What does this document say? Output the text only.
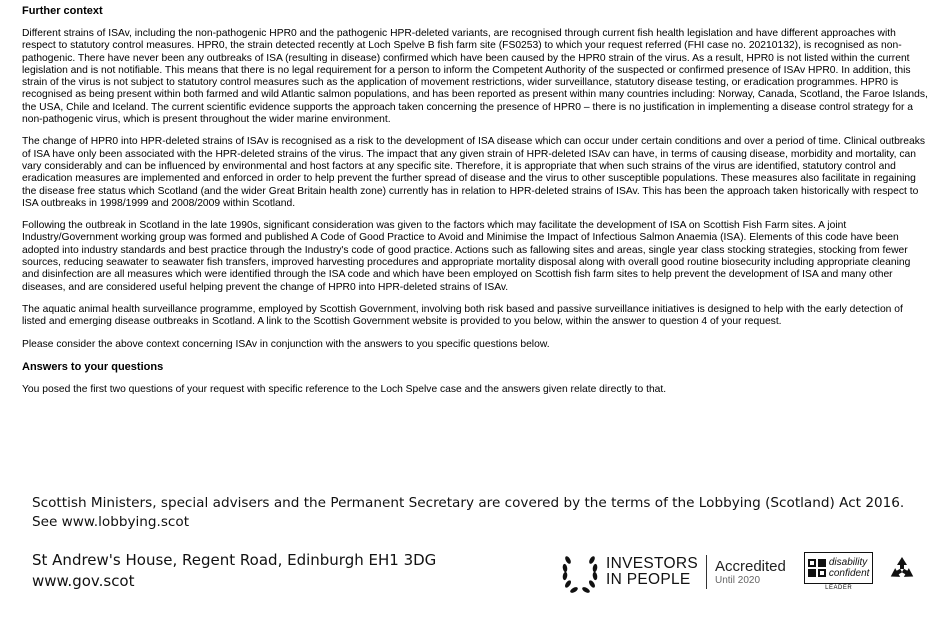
Further context

Different strains of ISAv, including the non-pathogenic HPR0 and the pathogenic HPR-deleted variants, are recognised through current fish health legislation and have different approaches with respect to statutory control measures. HPR0, the strain detected recently at Loch Spelve B fish farm site (FS0253) to which your request referred (FHI case no. 20210132), is recognised as non-pathogenic. There have never been any outbreaks of ISA (resulting in disease) confirmed which have been caused by the HPR0 strain of the virus. As a result, HPR0 is not listed within the current legislation and is not notifiable. This means that there is no legal requirement for a person to inform the Competent Authority of the suspected or confirmed presence of ISAv HPR0. In addition, this strain of the virus is not subject to statutory control measures such as the application of movement restrictions, wider surveillance, statutory disease testing, or eradication programmes. HPR0 is recognised as being present within both farmed and wild Atlantic salmon populations, and has been reported as present within many countries including: Norway, Canada, Scotland, the Faroe Islands, the USA, Chile and Iceland. The current scientific evidence supports the approach taken concerning the presence of HPR0 – there is no justification in implementing a disease control strategy for a non-pathogenic virus, which is present throughout the wider marine environment.

The change of HPR0 into HPR-deleted strains of ISAv is recognised as a risk to the development of ISA disease which can occur under certain conditions and over a period of time. Clinical outbreaks of ISA have only been associated with the HPR-deleted strains of the virus. The impact that any given strain of HPR-deleted ISAv can have, in terms of causing disease, morbidity and mortality, can vary considerably and can be influenced by environmental and host factors at any specific site. Therefore, it is appropriate that when such strains of the virus are identified, statutory control and eradication measures are implemented and enforced in order to help prevent the further spread of disease and the virus to other susceptible populations. These measures also facilitate in regaining the disease free status which Scotland (and the wider Great Britain health zone) currently has in relation to HPR-deleted strains of ISAv. This has been the approach taken historically with respect to ISA outbreaks in 1998/1999 and 2008/2009 within Scotland.

Following the outbreak in Scotland in the late 1990s, significant consideration was given to the factors which may facilitate the development of ISA on Scottish Fish Farm sites. A joint Industry/Government working group was formed and published A Code of Good Practice to Avoid and Minimise the Impact of Infectious Salmon Anaemia (ISA). Elements of this code have been adopted into industry standards and best practice through the Industry's code of good practice. Actions such as fallowing sites and areas, single year class stocking strategies, stocking from fewer sources, reducing seawater to seawater fish transfers, improved harvesting procedures and appropriate mortality disposal along with overall good routine biosecurity including appropriate cleaning and disinfection are all measures which were identified through the ISA code and which have been employed on Scottish fish farm sites to help prevent the development of ISA and many other diseases, and are considered useful helping prevent the change of HPR0 into HPR-deleted strains of ISAv.

The aquatic animal health surveillance programme, employed by Scottish Government, involving both risk based and passive surveillance initiatives is designed to help with the early detection of listed and emerging disease outbreaks in Scotland. A link to the Scottish Government website is provided to you below, within the answer to question 4 of your request.

Please consider the above context concerning ISAv in conjunction with the answers to you specific questions below.

Answers to your questions

You posed the first two questions of your request with specific reference to the Loch Spelve case and the answers given relate directly to that.

Scottish Ministers, special advisers and the Permanent Secretary are covered by the terms of the Lobbying (Scotland) Act 2016. See www.lobbying.scot
St Andrew's House, Regent Road, Edinburgh EH1 3DG
www.gov.scot
INVESTORS
IN PEOPLE
Accredited
Until 2020
disability
confident
LEADER
